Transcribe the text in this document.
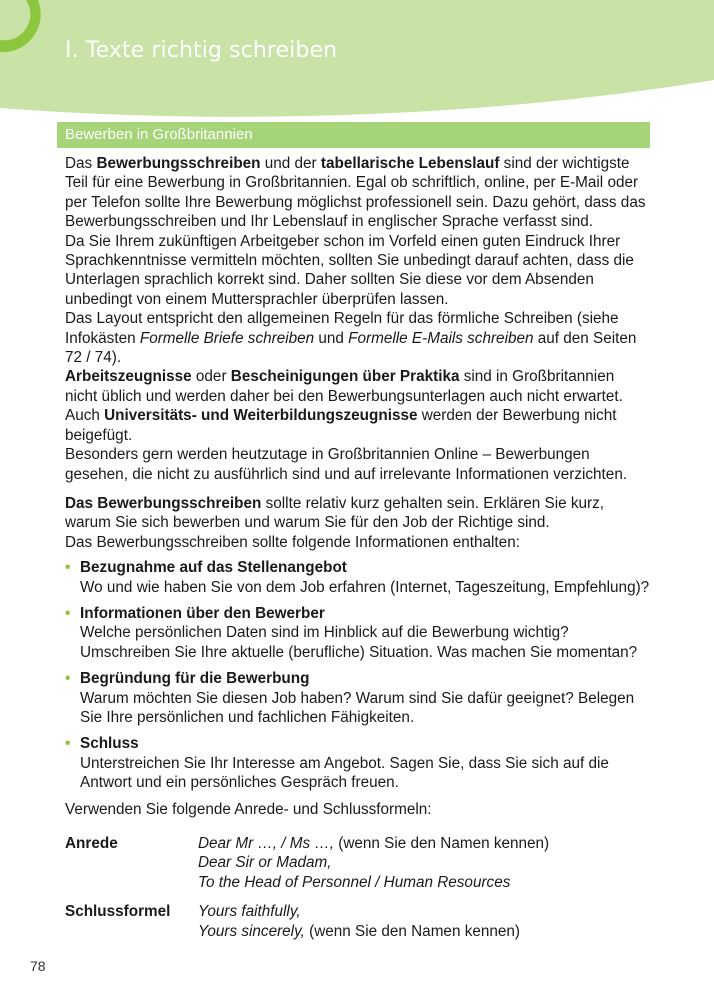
I. Texte richtig schreiben
Bewerben in Großbritannien

Das Bewerbungsschreiben und der tabellarische Lebenslauf sind der wichtigste Teil für eine Bewerbung in Großbritannien. Egal ob schriftlich, online, per E-Mail oder per Telefon sollte Ihre Bewerbung möglichst professionell sein. Dazu gehört, dass das Bewerbungsschreiben und Ihr Lebenslauf in englischer Sprache verfasst sind.

Da Sie Ihrem zukünftigen Arbeitgeber schon im Vorfeld einen guten Eindruck Ihrer Sprachkenntnisse vermitteln möchten, sollten Sie unbedingt darauf achten, dass die Unterlagen sprachlich korrekt sind. Daher sollten Sie diese vor dem Absenden unbedingt von einem Muttersprachler überprüfen lassen.

Das Layout entspricht den allgemeinen Regeln für das förmliche Schreiben (siehe Infokästen Formelle Briefe schreiben und Formelle E-Mails schreiben auf den Seiten 72 / 74).

Arbeitszeugnisse oder Bescheinigungen über Praktika sind in Großbritannien nicht üblich und werden daher bei den Bewerbungsunterlagen auch nicht erwartet. Auch Universitäts- und Weiterbildungszeugnisse werden der Bewerbung nicht beigefügt.

Besonders gern werden heutzutage in Großbritannien Online – Bewerbungen gesehen, die nicht zu ausführlich sind und auf irrelevante Informationen verzichten.

Das Bewerbungsschreiben sollte relativ kurz gehalten sein. Erklären Sie kurz, warum Sie sich bewerben und warum Sie für den Job der Richtige sind.

Das Bewerbungsschreiben sollte folgende Informationen enthalten:

• Bezugnahme auf das Stellenangebot
Wo und wie haben Sie von dem Job erfahren (Internet, Tageszeitung, Empfehlung)?
• Informationen über den Bewerber
Welche persönlichen Daten sind im Hinblick auf die Bewerbung wichtig?
Umschreiben Sie Ihre aktuelle (berufliche) Situation. Was machen Sie momentan?
• Begründung für die Bewerbung
Warum möchten Sie diesen Job haben? Warum sind Sie dafür geeignet? Belegen Sie Ihre persönlichen und fachlichen Fähigkeiten.
• Schluss
Unterstreichen Sie Ihr Interesse am Angebot. Sagen Sie, dass Sie sich auf die Antwort und ein persönliches Gespräch freuen.

Verwenden Sie folgende Anrede- und Schlussformeln:

Anrede	Dear Mr …, / Ms …, (wenn Sie den Namen kennen)
Dear Sir or Madam,
To the Head of Personnel / Human Resources
Schlussformel	Yours faithfully,
Yours sincerely, (wenn Sie den Namen kennen)
78
